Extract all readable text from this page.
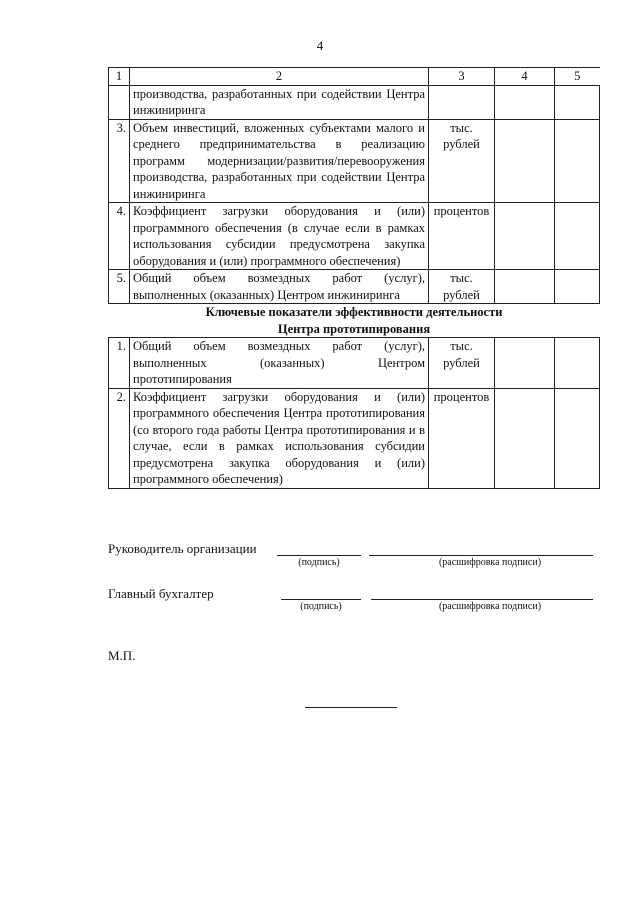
4
1	2	3	4	5
	производства, разработанных при содействии Центра инжиниринга			
3.	Объем инвестиций, вложенных субъектами малого и среднего предпринимательства в реализацию программ модернизации/развития/перевооружения производства, разработанных при содействии Центра инжиниринга	тыс. рублей		
4.	Коэффициент загрузки оборудования и (или) программного обеспечения (в случае если в рамках использования субсидии предусмотрена закупка оборудования и (или) программного обеспечения)	процентов		
5.	Общий объем возмездных работ (услуг), выполненных (оказанных) Центром инжиниринга	тыс. рублей		

Ключевые показатели эффективности деятельности
Центра прототипирования				

1.	Общий объем возмездных работ (услуг), выполненных (оказанных) Центром прототипирования	тыс. рублей		
2.	Коэффициент загрузки оборудования и (или) программного обеспечения Центра прототипирования (со второго года работы Центра прототипирования и в случае, если в рамках использования субсидии предусмотрена закупка оборудования и (или) программного обеспечения)	процентов		
Руководитель организации
(подпись)	(расшифровка подписи)
Главный бухгалтер
(подпись)	(расшифровка подписи)
М.П.
